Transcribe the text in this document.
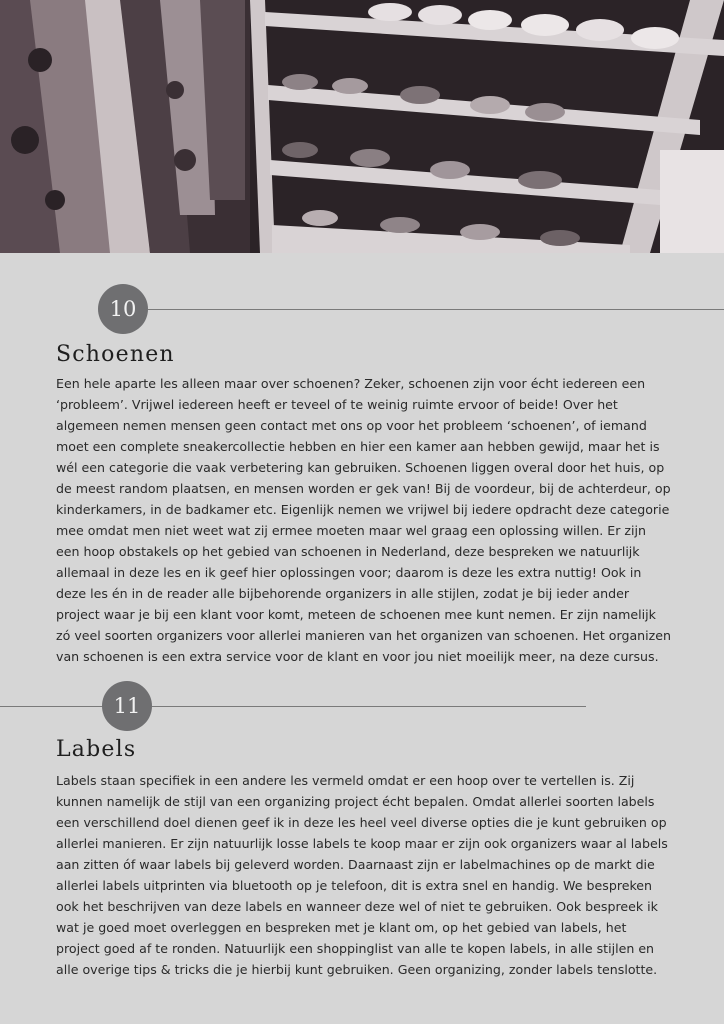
10
Schoenen

Een hele aparte les alleen maar over schoenen? Zeker, schoenen zijn voor écht iedereen een ‘probleem’. Vrijwel iedereen heeft er teveel of te weinig ruimte ervoor of beide! Over het algemeen nemen mensen geen contact met ons op voor het probleem ‘schoenen’, of iemand moet een complete sneakercollectie hebben en hier een kamer aan hebben gewijd, maar het is wél een categorie die vaak verbetering kan gebruiken. Schoenen liggen overal door het huis, op de meest random plaatsen, en mensen worden er gek van! Bij de voordeur, bij de achterdeur, op kinderkamers, in de badkamer etc. Eigenlijk nemen we vrijwel bij iedere opdracht deze categorie mee omdat men niet weet wat zij ermee moeten maar wel graag een oplossing willen. Er zijn een hoop obstakels op het gebied van schoenen in Nederland, deze bespreken we natuurlijk allemaal in deze les en ik geef hier oplossingen voor; daarom is deze les extra nuttig! Ook in deze les én in de reader alle bijbehorende organizers in alle stijlen, zodat je bij ieder ander project waar je bij een klant voor komt, meteen de schoenen mee kunt nemen. Er zijn namelijk zó veel soorten organizers voor allerlei manieren van het organizen van schoenen. Het organizen van schoenen is een extra service voor de klant en voor jou niet moeilijk meer, na deze cursus.

11
Labels

Labels staan specifiek in een andere les vermeld omdat er een hoop over te vertellen is. Zij kunnen namelijk de stijl van een organizing project écht bepalen. Omdat allerlei soorten labels een verschillend doel dienen geef ik in deze les heel veel diverse opties die je kunt gebruiken op allerlei manieren. Er zijn natuurlijk losse labels te koop maar er zijn ook organizers waar al labels aan zitten óf waar labels bij geleverd worden. Daarnaast zijn er labelmachines op de markt die allerlei labels uitprinten via bluetooth op je telefoon, dit is extra snel en handig. We bespreken ook het beschrijven van deze labels en wanneer deze wel of niet te gebruiken. Ook bespreek ik wat je goed moet overleggen en bespreken met je klant om, op het gebied van labels, het project goed af te ronden. Natuurlijk een shoppinglist van alle te kopen labels, in alle stijlen en alle overige tips & tricks die je hierbij kunt gebruiken. Geen organizing, zonder labels tenslotte.
